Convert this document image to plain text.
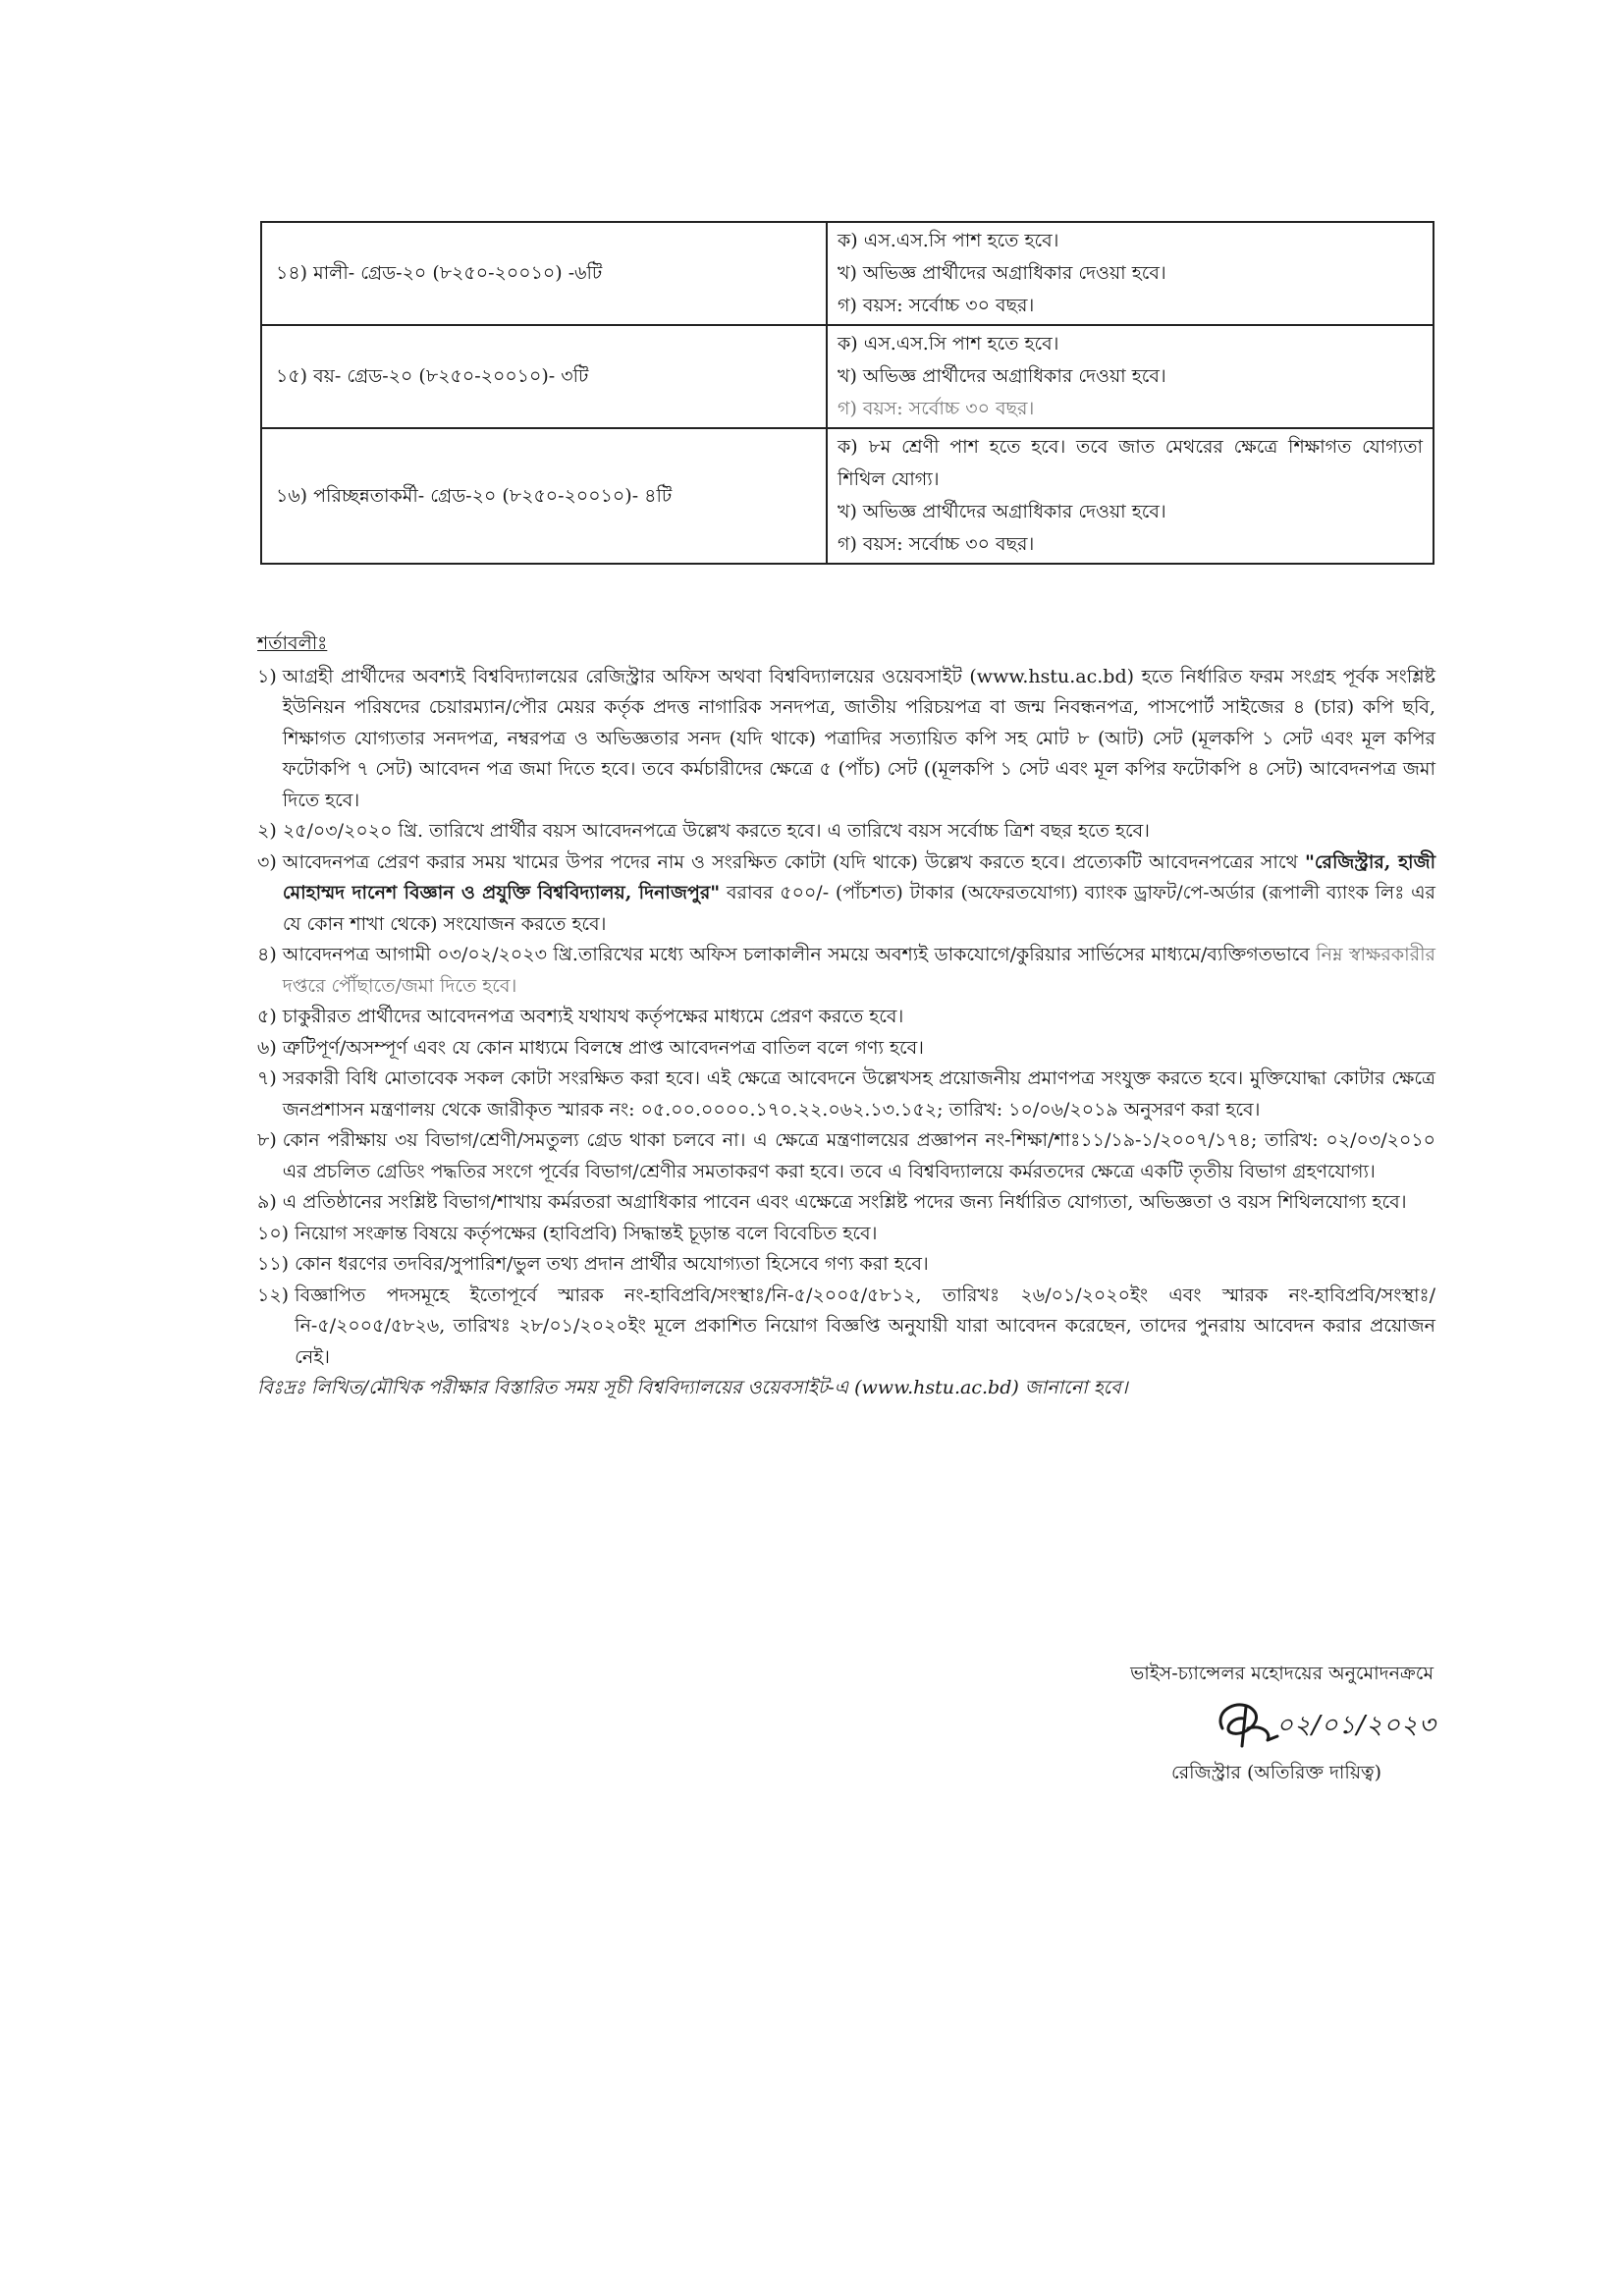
১৪) মালী- গ্রেড-২০ (৮২৫০-২০০১০) -৬টি	ক) এস.এস.সি পাশ হতে হবে।
খ) অভিজ্ঞ প্রার্থীদের অগ্রাধিকার দেওয়া হবে।
গ) বয়স: সর্বোচ্চ ৩০ বছর।

১৫) বয়- গ্রেড-২০ (৮২৫০-২০০১০)- ৩টি	ক) এস.এস.সি পাশ হতে হবে।
খ) অভিজ্ঞ প্রার্থীদের অগ্রাধিকার দেওয়া হবে।
গ) বয়স: সর্বোচ্চ ৩০ বছর।

১৬) পরিচ্ছন্নতাকর্মী- গ্রেড-২০ (৮২৫০-২০০১০)- ৪টি	ক) ৮ম শ্রেণী পাশ হতে হবে। তবে জাত মেথরের ক্ষেত্রে শিক্ষাগত যোগ্যতা শিথিল যোগ্য।
খ) অভিজ্ঞ প্রার্থীদের অগ্রাধিকার দেওয়া হবে।
গ) বয়স: সর্বোচ্চ ৩০ বছর।
শর্তাবলীঃ
১) আগ্রহী প্রার্থীদের অবশ্যই বিশ্ববিদ্যালয়ের রেজিস্ট্রার অফিস অথবা বিশ্ববিদ্যালয়ের ওয়েবসাইট (www.hstu.ac.bd) হতে নির্ধারিত ফরম সংগ্রহ পূর্বক সংশ্লিষ্ট ইউনিয়ন পরিষদের চেয়ারম্যান/পৌর মেয়র কর্তৃক প্রদত্ত নাগারিক সনদপত্র, জাতীয় পরিচয়পত্র বা জন্ম নিবন্ধনপত্র, পাসপোর্ট সাইজের ৪ (চার) কপি ছবি, শিক্ষাগত যোগ্যতার সনদপত্র, নম্বরপত্র ও অভিজ্ঞতার সনদ (যদি থাকে) পত্রাদির সত্যায়িত কপি সহ মোট ৮ (আট) সেট (মূলকপি ১ সেট এবং মূল কপির ফটোকপি ৭ সেট) আবেদন পত্র জমা দিতে হবে। তবে কর্মচারীদের ক্ষেত্রে ৫ (পাঁচ) সেট ((মূলকপি ১ সেট এবং মূল কপির ফটোকপি ৪ সেট) আবেদনপত্র জমা দিতে হবে।
২) ২৫/০৩/২০২০ খ্রি. তারিখে প্রার্থীর বয়স আবেদনপত্রে উল্লেখ করতে হবে। এ তারিখে বয়স সর্বোচ্চ ত্রিশ বছর হতে হবে।
৩) আবেদনপত্র প্রেরণ করার সময় খামের উপর পদের নাম ও সংরক্ষিত কোটা (যদি থাকে) উল্লেখ করতে হবে। প্রত্যেকটি আবেদনপত্রের সাথে "রেজিস্ট্রার, হাজী মোহাম্মদ দানেশ বিজ্ঞান ও প্রযুক্তি বিশ্ববিদ্যালয়, দিনাজপুর" বরাবর ৫০০/- (পাঁচশত) টাকার (অফেরতযোগ্য) ব্যাংক ড্রাফট/পে-অর্ডার (রূপালী ব্যাংক লিঃ এর যে কোন শাখা থেকে) সংযোজন করতে হবে।
৪) আবেদনপত্র আগামী ০৩/০২/২০২৩ খ্রি.তারিখের মধ্যে অফিস চলাকালীন সময়ে অবশ্যই ডাকযোগে/কুরিয়ার সার্ভিসের মাধ্যমে/ব্যক্তিগতভাবে নিম্ন স্বাক্ষরকারীর দপ্তরে পৌঁছাতে/জমা দিতে হবে।
৫) চাকুরীরত প্রার্থীদের আবেদনপত্র অবশ্যই যথাযথ কর্তৃপক্ষের মাধ্যমে প্রেরণ করতে হবে।
৬) ত্রুটিপূর্ণ/অসম্পূর্ণ এবং যে কোন মাধ্যমে বিলম্বে প্রাপ্ত আবেদনপত্র বাতিল বলে গণ্য হবে।
৭) সরকারী বিধি মোতাবেক সকল কোটা সংরক্ষিত করা হবে। এই ক্ষেত্রে আবেদনে উল্লেখসহ প্রয়োজনীয় প্রমাণপত্র সংযুক্ত করতে হবে। মুক্তিযোদ্ধা কোটার ক্ষেত্রে জনপ্রশাসন মন্ত্রণালয় থেকে জারীকৃত স্মারক নং: ০৫.০০.০০০০.১৭০.২২.০৬২.১৩.১৫২; তারিখ: ১০/০৬/২০১৯ অনুসরণ করা হবে।
৮) কোন পরীক্ষায় ৩য় বিভাগ/শ্রেণী/সমতুল্য গ্রেড থাকা চলবে না। এ ক্ষেত্রে মন্ত্রণালয়ের প্রজ্ঞাপন নং-শিক্ষা/শাঃ১১/১৯-১/২০০৭/১৭৪; তারিখ: ০২/০৩/২০১০ এর প্রচলিত গ্রেডিং পদ্ধতির সংগে পূর্বের বিভাগ/শ্রেণীর সমতাকরণ করা হবে। তবে এ বিশ্ববিদ্যালয়ে কর্মরতদের ক্ষেত্রে একটি তৃতীয় বিভাগ গ্রহণযোগ্য।
৯) এ প্রতিষ্ঠানের সংশ্লিষ্ট বিভাগ/শাখায় কর্মরতরা অগ্রাধিকার পাবেন এবং এক্ষেত্রে সংশ্লিষ্ট পদের জন্য নির্ধারিত যোগ্যতা, অভিজ্ঞতা ও বয়স শিথিলযোগ্য হবে।
১০) নিয়োগ সংক্রান্ত বিষয়ে কর্তৃপক্ষের (হাবিপ্রবি) সিদ্ধান্তই চূড়ান্ত বলে বিবেচিত হবে।
১১) কোন ধরণের তদবির/সুপারিশ/ভুল তথ্য প্রদান প্রার্থীর অযোগ্যতা হিসেবে গণ্য করা হবে।
১২) বিজ্ঞাপিত পদসমূহে ইতোপূর্বে স্মারক নং-হাবিপ্রবি/সংস্থাঃ/নি-৫/২০০৫/৫৮১২, তারিখঃ ২৬/০১/২০২০ইং এবং স্মারক নং-হাবিপ্রবি/সংস্থাঃ/নি-৫/২০০৫/৫৮২৬, তারিখঃ ২৮/০১/২০২০ইং মূলে প্রকাশিত নিয়োগ বিজ্ঞপ্তি অনুযায়ী যারা আবেদন করেছেন, তাদের পুনরায় আবেদন করার প্রয়োজন নেই।
বিঃদ্রঃ লিখিত/মৌখিক পরীক্ষার বিস্তারিত সময় সূচী বিশ্ববিদ্যালয়ের ওয়েবসাইট-এ (www.hstu.ac.bd) জানানো হবে।
ভাইস-চ্যান্সেলর মহোদয়ের অনুমোদনক্রমে
০২/০১/২০২৩
রেজিস্ট্রার (অতিরিক্ত দায়িত্ব)
